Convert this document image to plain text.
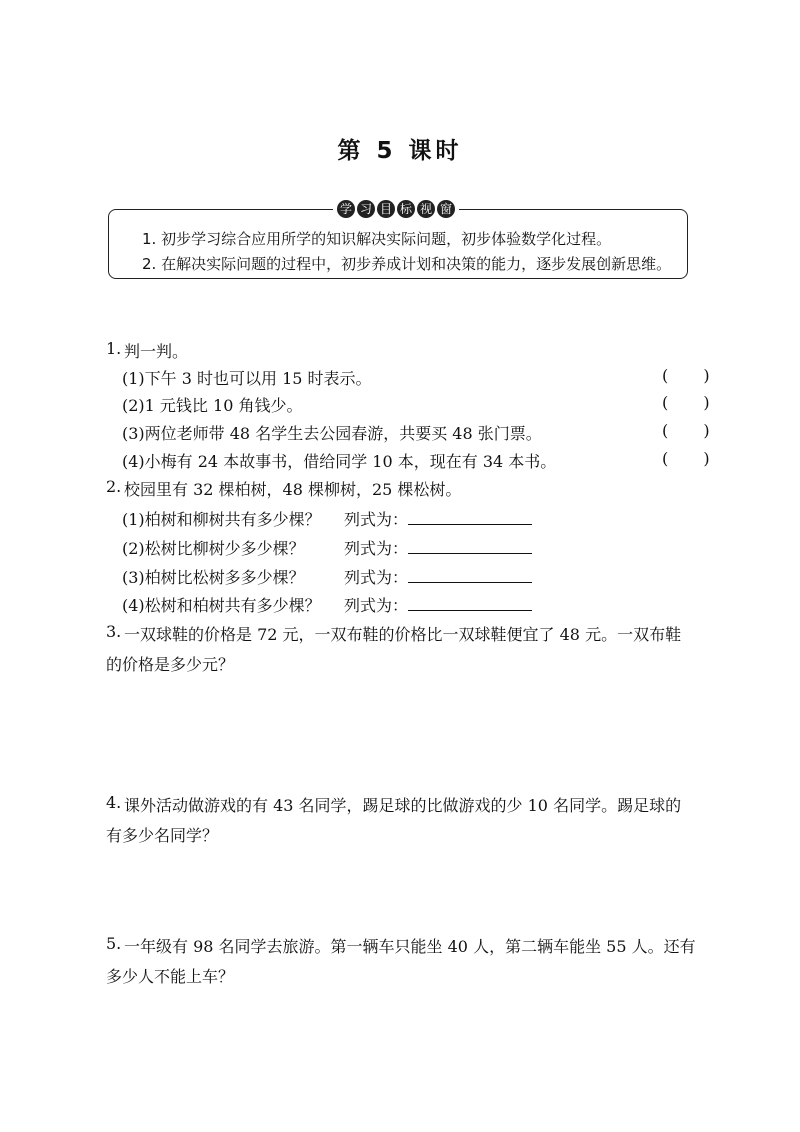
第 5 课时
学 习 目 标 视 窗
1. 初步学习综合应用所学的知识解决实际问题，初步体验数学化过程。
2. 在解决实际问题的过程中，初步养成计划和决策的能力，逐步发展创新思维。
1. 判一判。
(1)下午 3 时也可以用 15 时表示。	( )
(2)1 元钱比 10 角钱少。	( )
(3)两位老师带 48 名学生去公园春游，共要买 48 张门票。	( )
(4)小梅有 24 本故事书，借给同学 10 本，现在有 34 本书。	( )
2. 校园里有 32 棵柏树，48 棵柳树，25 棵松树。
(1)柏树和柳树共有多少棵？ 列式为：
(2)松树比柳树少多少棵？ 列式为：
(3)柏树比松树多多少棵？ 列式为：
(4)松树和柏树共有多少棵？ 列式为：
3. 一双球鞋的价格是 72 元，一双布鞋的价格比一双球鞋便宜了 48 元。一双布鞋
的价格是多少元？
4. 课外活动做游戏的有 43 名同学，踢足球的比做游戏的少 10 名同学。踢足球的
有多少名同学？
5. 一年级有 98 名同学去旅游。第一辆车只能坐 40 人，第二辆车能坐 55 人。还有
多少人不能上车？
